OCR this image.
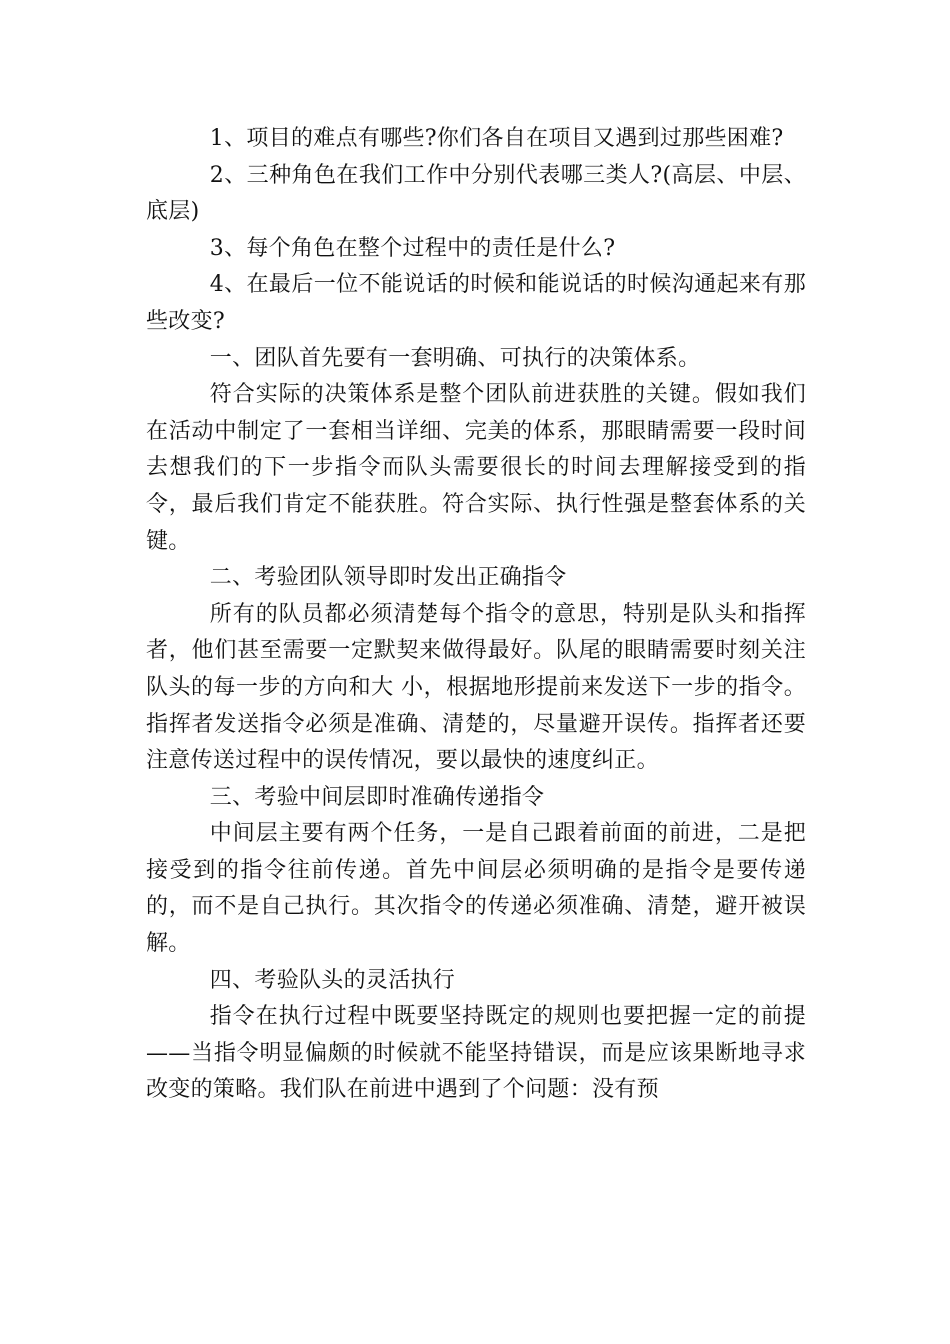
1、项目的难点有哪些?你们各自在项目又遇到过那些困难?

2、三种角色在我们工作中分别代表哪三类人?(高层、中层、底层)

3、每个角色在整个过程中的责任是什么?

4、在最后一位不能说话的时候和能说话的时候沟通起来有那些改变?

一、团队首先要有一套明确、可执行的决策体系。

符合实际的决策体系是整个团队前进获胜的关键。假如我们在活动中制定了一套相当详细、完美的体系，那眼睛需要一段时间去想我们的下一步指令而队头需要很长的时间去理解接受到的指令，最后我们肯定不能获胜。符合实际、执行性强是整套体系的关键。

二、考验团队领导即时发出正确指令

所有的队员都必须清楚每个指令的意思，特别是队头和指挥者，他们甚至需要一定默契来做得最好。队尾的眼睛需要时刻关注队头的每一步的方向和大 小，根据地形提前来发送下一步的指令。指挥者发送指令必须是准确、清楚的，尽量避开误传。指挥者还要注意传送过程中的误传情况，要以最快的速度纠正。

三、考验中间层即时准确传递指令

中间层主要有两个任务，一是自己跟着前面的前进，二是把接受到的指令往前传递。首先中间层必须明确的是指令是要传递的，而不是自己执行。其次指令的传递必须准确、清楚，避开被误解。

四、考验队头的灵活执行

指令在执行过程中既要坚持既定的规则也要把握一定的前提——当指令明显偏颇的时候就不能坚持错误，而是应该果断地寻求改变的策略。我们队在前进中遇到了个问题：没有预
